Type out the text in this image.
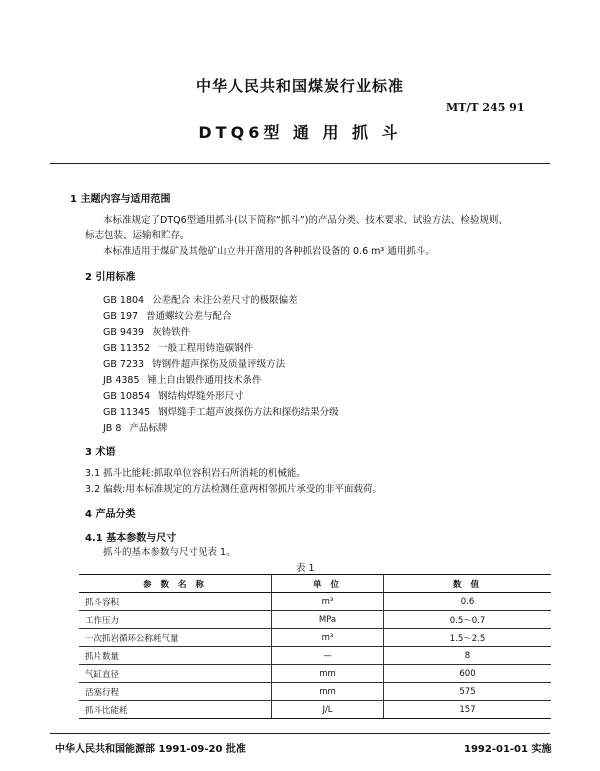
中华人民共和国煤炭行业标准
MT/T 245 91
DTQ6型 通 用 抓 斗
1 主题内容与适用范围
本标准规定了DTQ6型通用抓斗(以下简称“抓斗”)的产品分类、技术要求、试验方法、检验规则、
标志包装、运输和贮存。
本标准适用于煤矿及其他矿山立井开凿用的各种抓岩设备的 0.6 m³ 通用抓斗。
2 引用标准
GB 1804 公差配合 未注公差尺寸的极限偏差
GB 197 普通螺纹公差与配合
GB 9439 灰铸铁件
GB 11352 一般工程用铸造碳钢件
GB 7233 铸钢件超声探伤及质量评级方法
JB 4385 锤上自由锻件通用技术条件
GB 10854 钢结构焊缝外形尺寸
GB 11345 钢焊缝手工超声波探伤方法和探伤结果分级
JB 8 产品标牌
3 术语
3.1 抓斗比能耗:抓取单位容积岩石所消耗的机械能。
3.2 偏载:用本标准规定的方法检测任意两相邻抓片承受的非平面载荷。
4 产品分类
4.1 基本参数与尺寸
抓斗的基本参数与尺寸见表 1。
表 1
参 数 名 称	单 位	数 值
抓斗容积	m³	0.6
工作压力	MPa	0.5～0.7
一次抓岩循环公称耗气量	m³	1.5～2.5
抓片数量	—	8
气缸直径	mm	600
活塞行程	mm	575
抓斗比能耗	J/L	157
中华人民共和国能源部 1991-09-20 批准	1992-01-01 实施
